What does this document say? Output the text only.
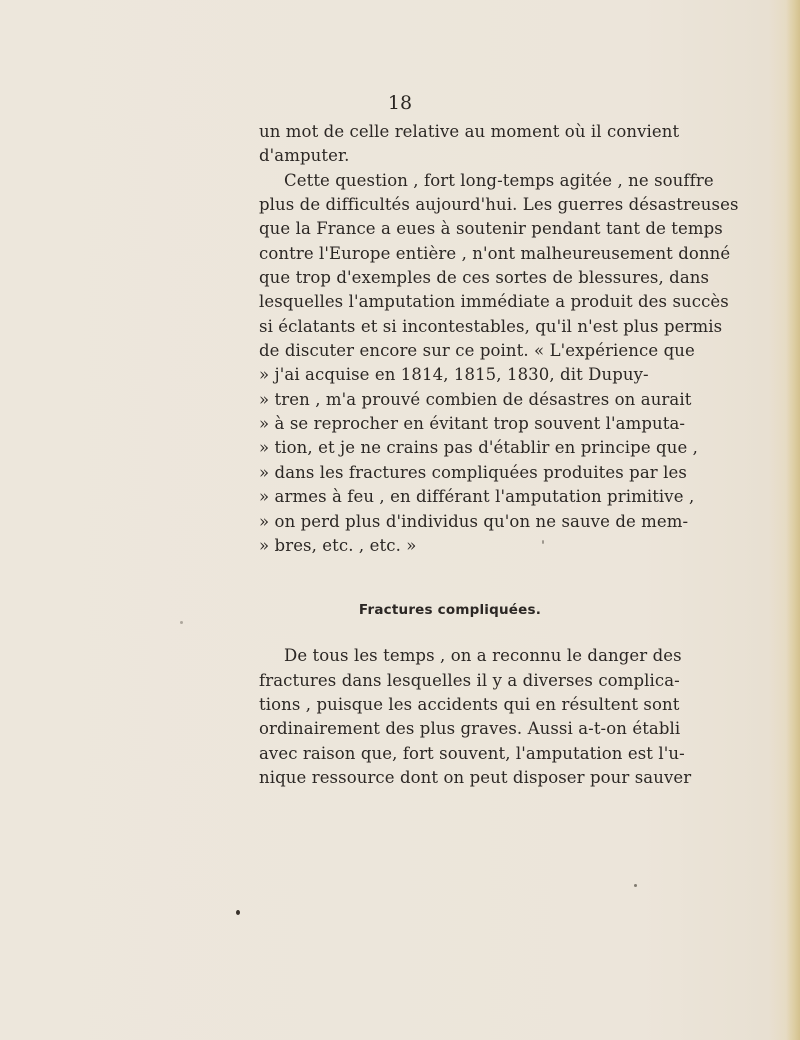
18
un mot de celle relative au moment où il convient
d'amputer.
Cette question , fort long-temps agitée , ne souffre
plus de difficultés aujourd'hui. Les guerres désastreuses
que la France a eues à soutenir pendant tant de temps
contre l'Europe entière , n'ont malheureusement donné
que trop d'exemples de ces sortes de blessures, dans
lesquelles l'amputation immédiate a produit des succès
si éclatants et si incontestables, qu'il n'est plus permis
de discuter encore sur ce point. « L'expérience que
» j'ai acquise en 1814, 1815, 1830, dit Dupuy-
» tren , m'a prouvé combien de désastres on aurait
» à se reprocher en évitant trop souvent l'amputa-
» tion, et je ne crains pas d'établir en principe que ,
» dans les fractures compliquées produites par les
» armes à feu , en différant l'amputation primitive ,
» on perd plus d'individus qu'on ne sauve de mem-
» bres, etc. , etc. »
Fractures compliquées.
De tous les temps , on a reconnu le danger des
fractures dans lesquelles il y a diverses complica-
tions , puisque les accidents qui en résultent sont
ordinairement des plus graves. Aussi a-t-on établi
avec raison que, fort souvent, l'amputation est l'u-
nique ressource dont on peut disposer pour sauver
